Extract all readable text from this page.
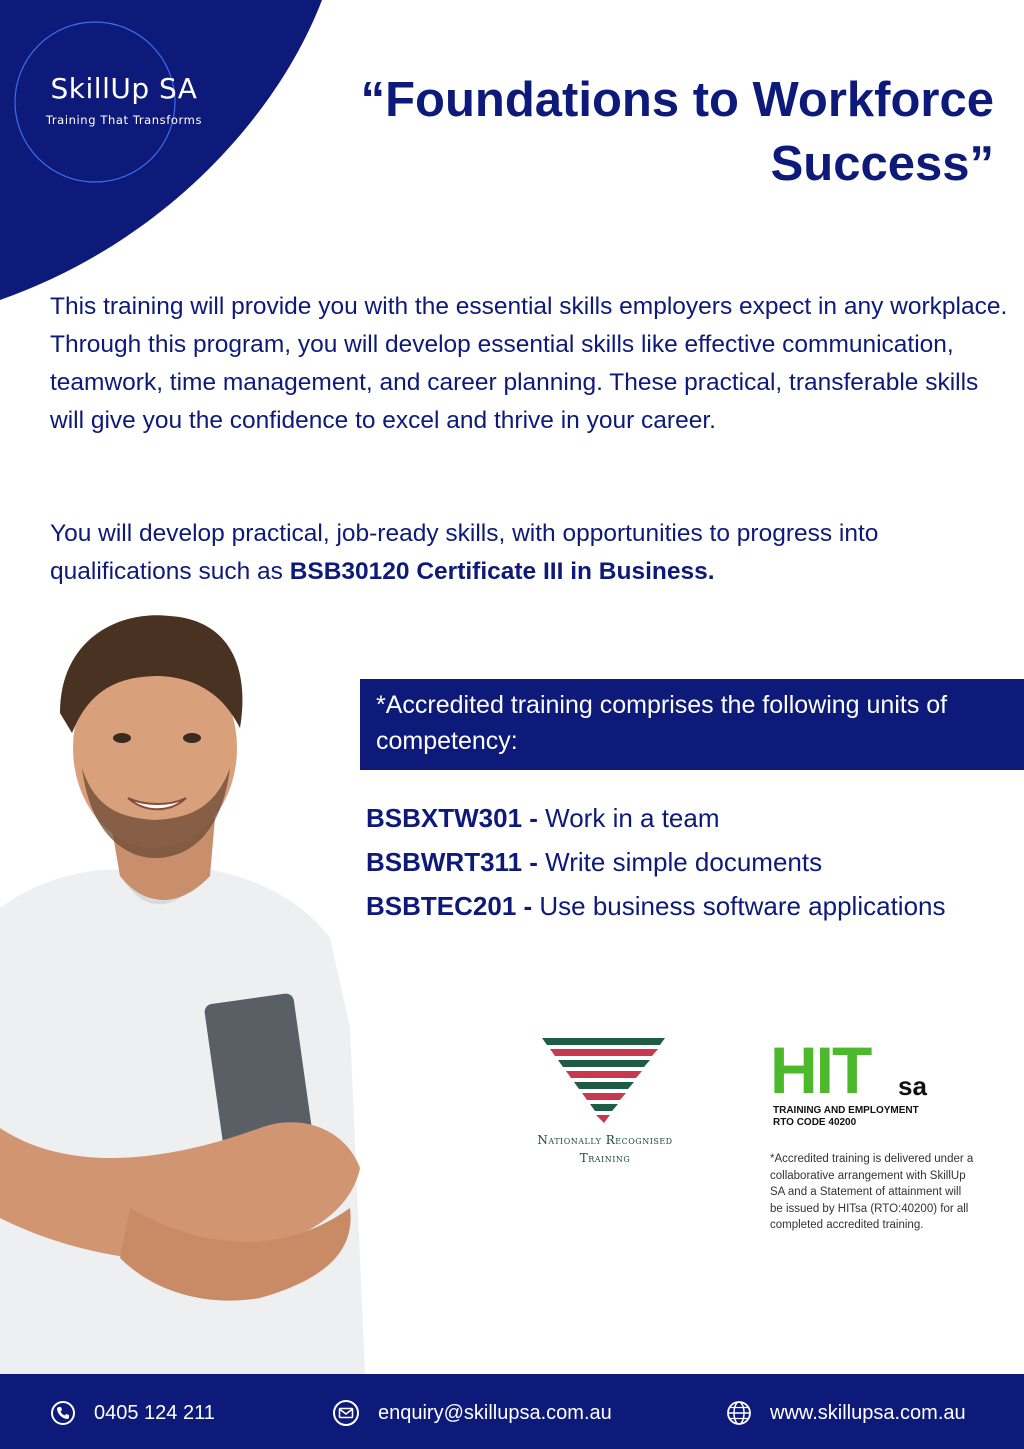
SkillUp SA
Training That Transforms	“Foundations to Workforce
Success”

This training will provide you with the essential skills employers expect in any workplace. Through this program, you will develop essential skills like effective communication, teamwork, time management, and career planning. These practical, transferable skills will give you the confidence to excel and thrive in your career.

You will develop practical, job-ready skills, with opportunities to progress into qualifications such as BSB30120 Certificate III in Business.

*Accredited training comprises the following units of competency:
BSBXTW301 - Work in a team
BSBWRT311 - Write simple documents
BSBTEC201 - Use business software applications
Nationally Recognised
Training
HIT sa
TRAINING AND EMPLOYMENT
RTO CODE 40200

*Accredited training is delivered under a collaborative arrangement with SkillUp SA and a Statement of attainment will be issued by HITsa (RTO:40200) for all completed accredited training.

0405 124 211	enquiry@skillupsa.com.au	www.skillupsa.com.au
